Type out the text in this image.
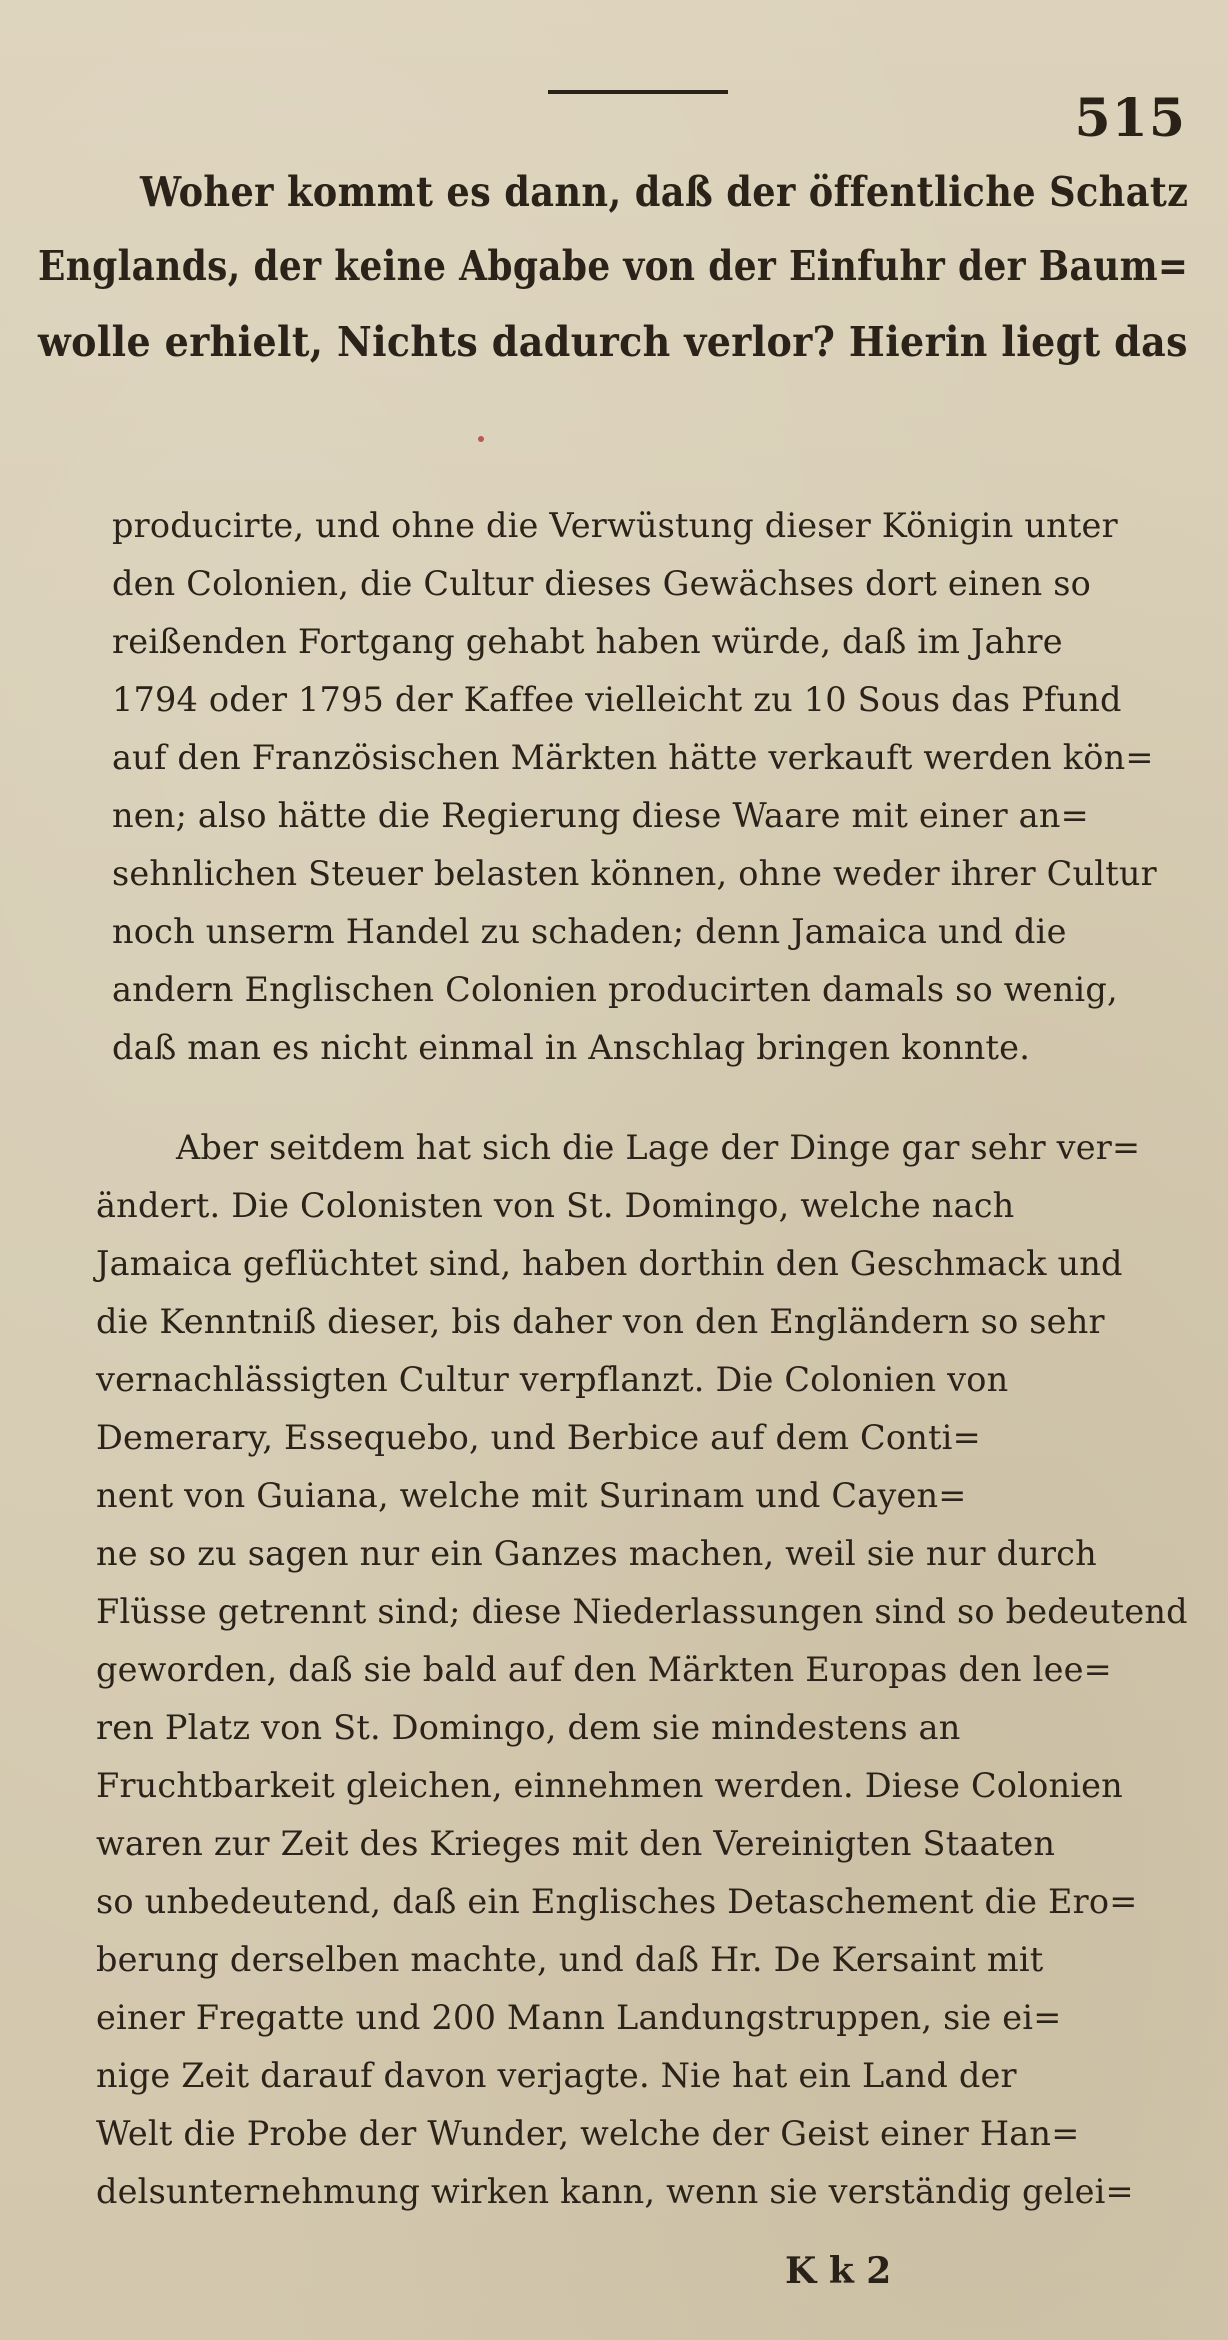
515
Woher kommt es dann, daß der öffentliche Schatz
Englands, der keine Abgabe von der Einfuhr der Baum=
wolle erhielt, Nichts dadurch verlor? Hierin liegt das
producirte, und ohne die Verwüstung dieser Königin unter
den Colonien, die Cultur dieses Gewächses dort einen so
reißenden Fortgang gehabt haben würde, daß im Jahre
1794 oder 1795 der Kaffee vielleicht zu 10 Sous das Pfund
auf den Französischen Märkten hätte verkauft werden kön=
nen; also hätte die Regierung diese Waare mit einer an=
sehnlichen Steuer belasten können, ohne weder ihrer Cultur
noch unserm Handel zu schaden; denn Jamaica und die
andern Englischen Colonien producirten damals so wenig,
daß man es nicht einmal in Anschlag bringen konnte.
Aber seitdem hat sich die Lage der Dinge gar sehr ver=
ändert. Die Colonisten von St. Domingo, welche nach
Jamaica geflüchtet sind, haben dorthin den Geschmack und
die Kenntniß dieser, bis daher von den Engländern so sehr
vernachlässigten Cultur verpflanzt. Die Colonien von
Demerary, Essequebo, und Berbice auf dem Conti=
nent von Guiana, welche mit Surinam und Cayen=
ne so zu sagen nur ein Ganzes machen, weil sie nur durch
Flüsse getrennt sind; diese Niederlassungen sind so bedeutend
geworden, daß sie bald auf den Märkten Europas den lee=
ren Platz von St. Domingo, dem sie mindestens an
Fruchtbarkeit gleichen, einnehmen werden. Diese Colonien
waren zur Zeit des Krieges mit den Vereinigten Staaten
so unbedeutend, daß ein Englisches Detaschement die Ero=
berung derselben machte, und daß Hr. De Kersaint mit
einer Fregatte und 200 Mann Landungstruppen, sie ei=
nige Zeit darauf davon verjagte. Nie hat ein Land der
Welt die Probe der Wunder, welche der Geist einer Han=
delsunternehmung wirken kann, wenn sie verständig gelei=
K k 2
